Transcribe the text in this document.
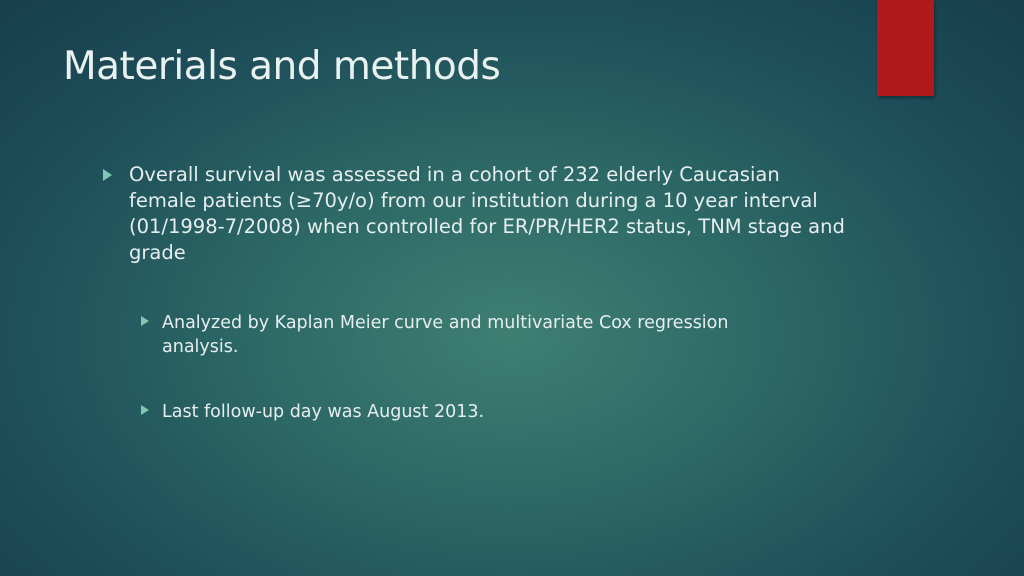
Materials and methods
Overall survival was assessed in a cohort of 232 elderly Caucasian female patients (≥70y/o) from our institution during a 10 year interval (01/1998-7/2008) when controlled for ER/PR/HER2 status, TNM stage and grade
Analyzed by Kaplan Meier curve and multivariate Cox regression analysis.
Last follow-up day was August 2013.
